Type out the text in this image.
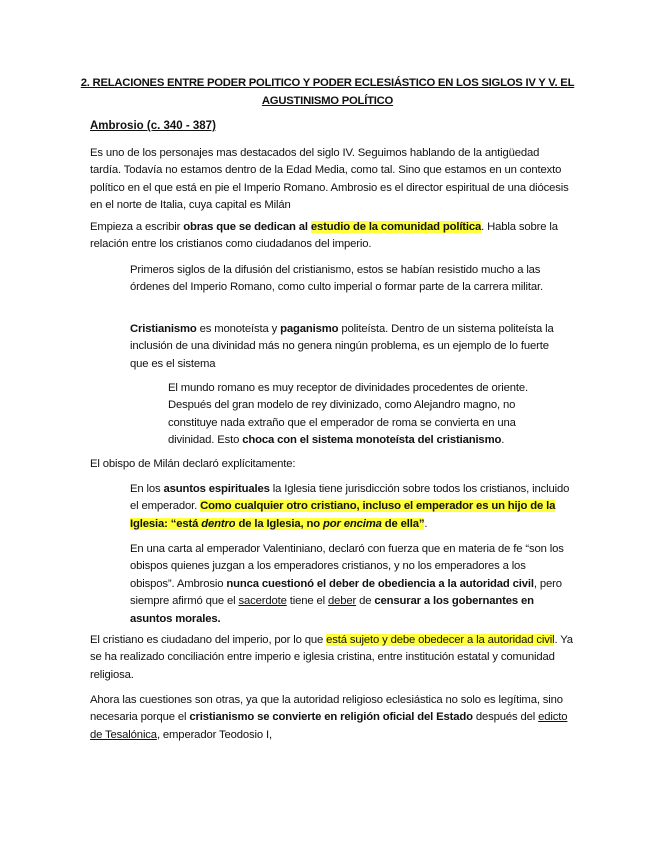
2. RELACIONES ENTRE PODER POLITICO Y PODER ECLESIÁSTICO EN LOS SIGLOS IV Y V. EL
AGUSTINISMO POLÍTICO
Ambrosio (c. 340 - 387)
Es uno de los personajes mas destacados del siglo IV. Seguimos hablando de la antigüedad tardía. Todavía no estamos dentro de la Edad Media, como tal. Sino que estamos en un contexto político en el que está en pie el Imperio Romano. Ambrosio es el director espiritual de una diócesis en el norte de Italia, cuya capital es Milán
Empieza a escribir obras que se dedican al estudio de la comunidad política. Habla sobre la relación entre los cristianos como ciudadanos del imperio.
Primeros siglos de la difusión del cristianismo, estos se habían resistido mucho a las órdenes del Imperio Romano, como culto imperial o formar parte de la carrera militar.
Cristianismo es monoteísta y paganismo politeísta. Dentro de un sistema politeísta la inclusión de una divinidad más no genera ningún problema, es un ejemplo de lo fuerte que es el sistema
El mundo romano es muy receptor de divinidades procedentes de oriente. Después del gran modelo de rey divinizado, como Alejandro magno, no constituye nada extraño que el emperador de roma se convierta en una divinidad. Esto choca con el sistema monoteísta del cristianismo.
El obispo de Milán declaró explícitamente:
En los asuntos espirituales la Iglesia tiene jurisdicción sobre todos los cristianos, incluido el emperador. Como cualquier otro cristiano, incluso el emperador es un hijo de la Iglesia: “está dentro de la Iglesia, no por encima de ella”.
En una carta al emperador Valentiniano, declaró con fuerza que en materia de fe “son los obispos quienes juzgan a los emperadores cristianos, y no los emperadores a los obispos”. Ambrosio nunca cuestionó el deber de obediencia a la autoridad civil, pero siempre afirmó que el sacerdote tiene el deber de censurar a los gobernantes en asuntos morales.
El cristiano es ciudadano del imperio, por lo que está sujeto y debe obedecer a la autoridad civil. Ya se ha realizado conciliación entre imperio e iglesia cristina, entre institución estatal y comunidad religiosa.
Ahora las cuestiones son otras, ya que la autoridad religioso eclesiástica no solo es legítima, sino necesaria porque el cristianismo se convierte en religión oficial del Estado después del edicto de Tesalónica, emperador Teodosio I,
